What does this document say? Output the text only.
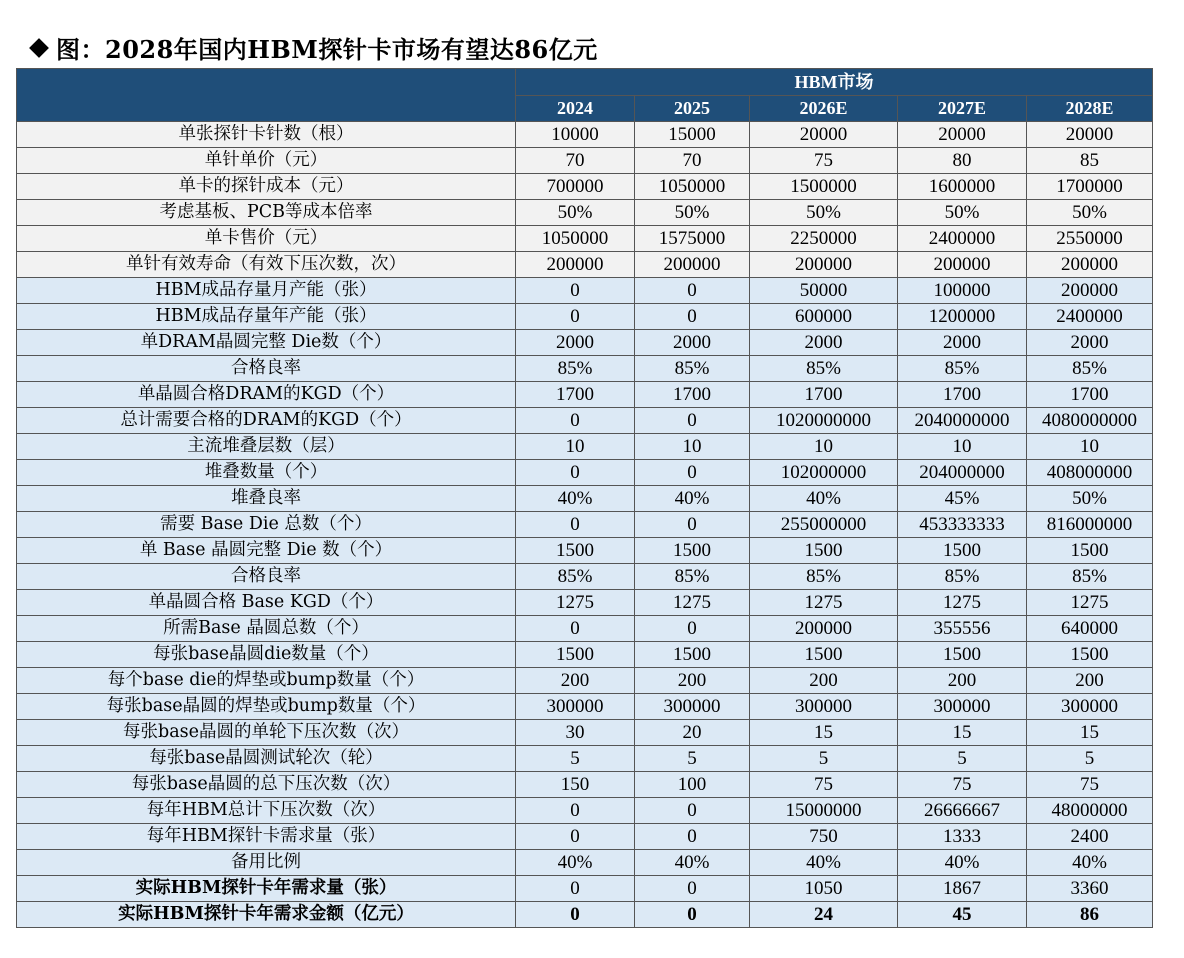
图：2028年国内HBM探针卡市场有望达86亿元
	HBM市场				
	2024	2025	2026E	2027E	2028E
单张探针卡针数（根）	10000	15000	20000	20000	20000
单针单价（元）	70	70	75	80	85
单卡的探针成本（元）	700000	1050000	1500000	1600000	1700000
考虑基板、PCB等成本倍率	50%	50%	50%	50%	50%
单卡售价（元）	1050000	1575000	2250000	2400000	2550000
单针有效寿命（有效下压次数，次）	200000	200000	200000	200000	200000
HBM成品存量月产能（张）	0	0	50000	100000	200000
HBM成品存量年产能（张）	0	0	600000	1200000	2400000
单DRAM晶圆完整 Die数（个）	2000	2000	2000	2000	2000
合格良率	85%	85%	85%	85%	85%
单晶圆合格DRAM的KGD（个）	1700	1700	1700	1700	1700
总计需要合格的DRAM的KGD（个）	0	0	1020000000	2040000000	4080000000
主流堆叠层数（层）	10	10	10	10	10
堆叠数量（个）	0	0	102000000	204000000	408000000
堆叠良率	40%	40%	40%	45%	50%
需要 Base Die 总数（个）	0	0	255000000	453333333	816000000
单 Base 晶圆完整 Die 数（个）	1500	1500	1500	1500	1500
合格良率	85%	85%	85%	85%	85%
单晶圆合格 Base KGD（个）	1275	1275	1275	1275	1275
所需Base 晶圆总数（个）	0	0	200000	355556	640000
每张base晶圆die数量（个）	1500	1500	1500	1500	1500
每个base die的焊垫或bump数量（个）	200	200	200	200	200
每张base晶圆的焊垫或bump数量（个）	300000	300000	300000	300000	300000
每张base晶圆的单轮下压次数（次）	30	20	15	15	15
每张base晶圆测试轮次（轮）	5	5	5	5	5
每张base晶圆的总下压次数（次）	150	100	75	75	75
每年HBM总计下压次数（次）	0	0	15000000	26666667	48000000
每年HBM探针卡需求量（张）	0	0	750	1333	2400
备用比例	40%	40%	40%	40%	40%
实际HBM探针卡年需求量（张）	0	0	1050	1867	3360
实际HBM探针卡年需求金额（亿元）	0	0	24	45	86
